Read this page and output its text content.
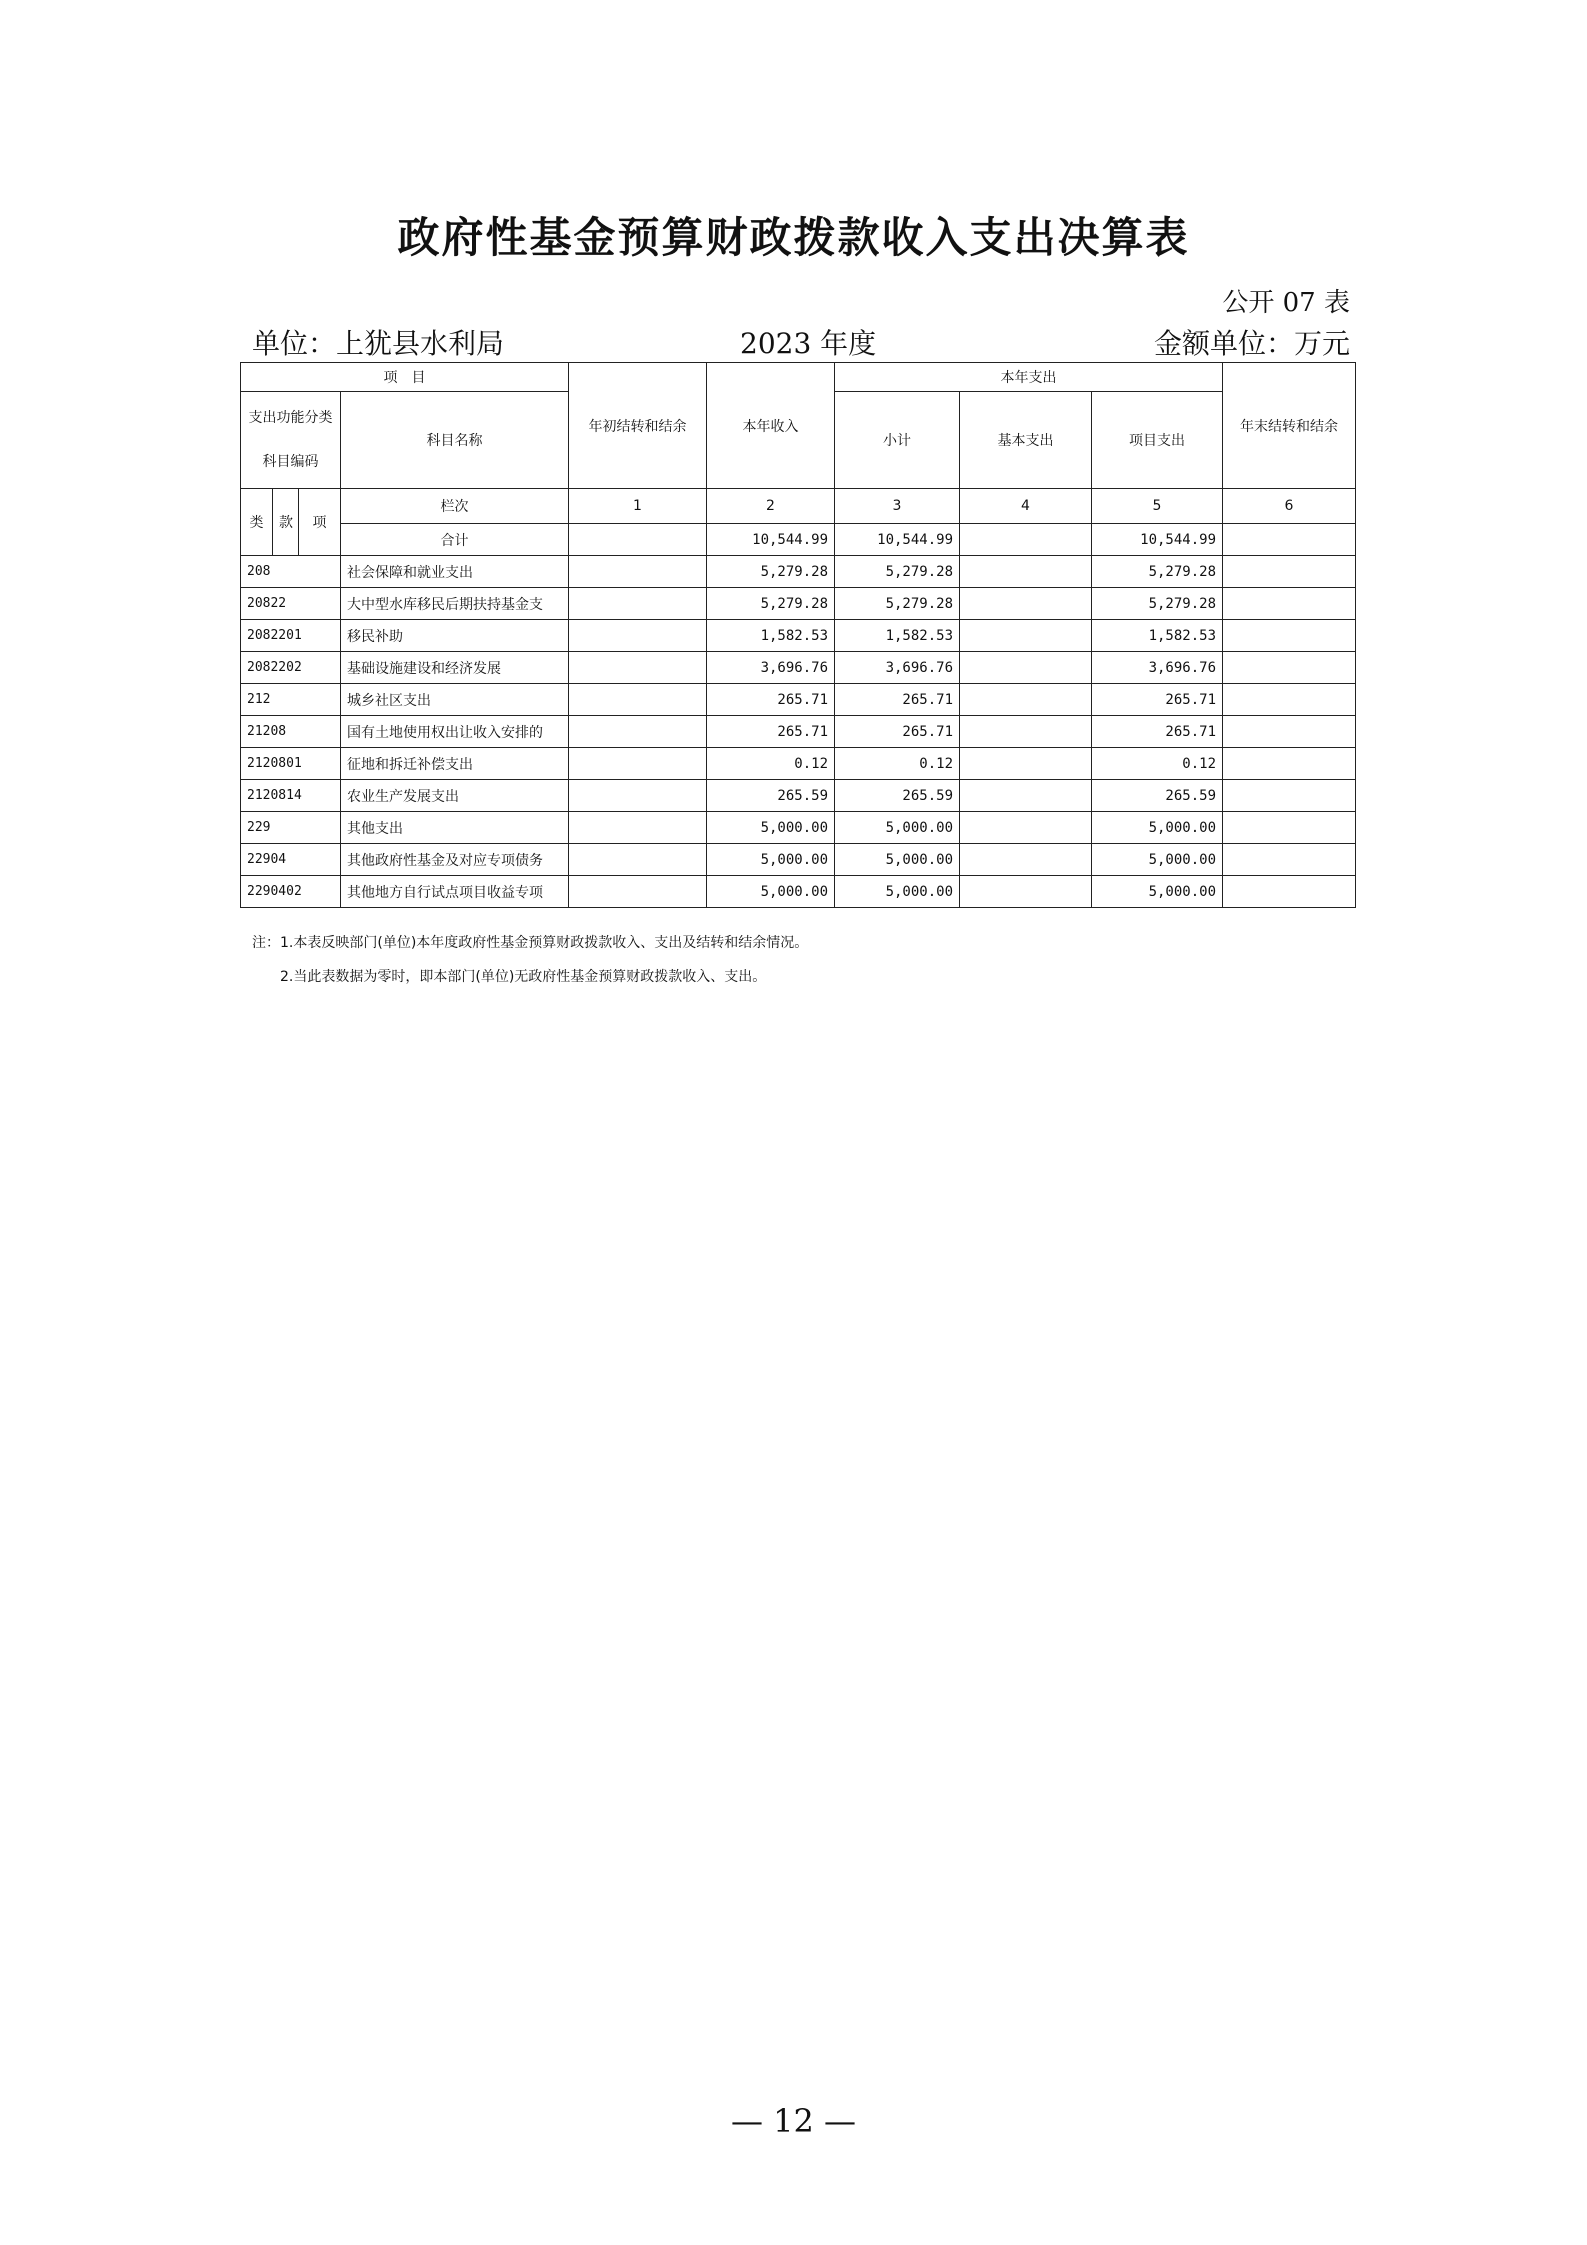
政府性基金预算财政拨款收入支出决算表
公开 07 表
单位：上犹县水利局	2023 年度	金额单位：万元
项　目				年初结转和结余	本年收入	本年支出			年末结转和结余
支出功能分类科目编码			科目名称			小计	基本支出	项目支出	
类	款	项	栏次	1	2	3	4	5	6
			合计		10,544.99	10,544.99		10,544.99	
208			社会保障和就业支出		5,279.28	5,279.28		5,279.28	
20822			大中型水库移民后期扶持基金支		5,279.28	5,279.28		5,279.28	
2082201			移民补助		1,582.53	1,582.53		1,582.53	
2082202			基础设施建设和经济发展		3,696.76	3,696.76		3,696.76	
212			城乡社区支出		265.71	265.71		265.71	
21208			国有土地使用权出让收入安排的		265.71	265.71		265.71	
2120801			征地和拆迁补偿支出		0.12	0.12		0.12	
2120814			农业生产发展支出		265.59	265.59		265.59	
229			其他支出		5,000.00	5,000.00		5,000.00	
22904			其他政府性基金及对应专项债务		5,000.00	5,000.00		5,000.00	
2290402			其他地方自行试点项目收益专项		5,000.00	5,000.00		5,000.00	
注：1.本表反映部门(单位)本年度政府性基金预算财政拨款收入、支出及结转和结余情况。
2.当此表数据为零时，即本部门(单位)无政府性基金预算财政拨款收入、支出。
— 12 —
